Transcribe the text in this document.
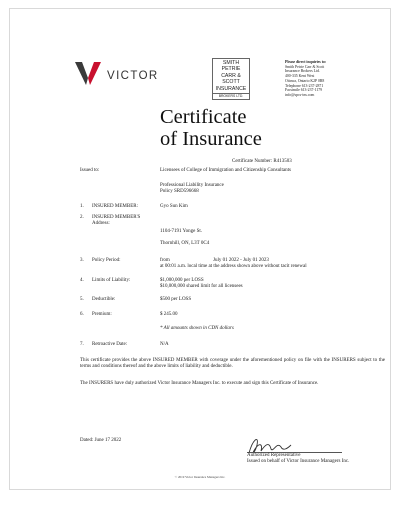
VICTOR
SMITH
PETRIE
CARR &
SCOTT
INSURANCE
BROKERS LTD.
Please direct inquiries to:
Smith Petrie Carr & Scott
Insurance Brokers Ltd.
400-335 Kent West
Ottawa, Ontario K2P 0R8
Telephone 613-237-2871
Facsimile 613-237-1179
info@spcs-ins.com
Certificate
of Insurance
Certificate Number: R413503
Issued to:	Licensees of College of Immigration and Citizenship Consultants
Professional Liability Insurance
Policy SRD596668
1.	INSURED MEMBER:	Gyo Sun Kim
2.	INSURED MEMBER'S
Address:
1104-7191 Yonge St.
Thornhill, ON, L3T 0C4
3.	Policy Period:	from	July 01 2022 - July 01 2023
at 00:01 a.m. local time at the address shown above without tacit renewal
4.	Limits of Liability:	$1,000,000 per LOSS
$10,000,000 shared limit for all licensees
5.	Deductible:	$500 per LOSS
6.	Premium:	$ 245.00
* All amounts shown in CDN dollars
7.	Retroactive Date:	N/A
This certificate provides the above INSURED MEMBER with coverage under the aforementioned policy on file with the INSURERS subject to the terms and conditions thereof and the above limits of liability and deductible.
The INSURERS have duly authorized Victor Insurance Managers Inc. to execute and sign this Certificate of Insurance.
Dated: June 17 2022
Authorized Representative
Issued on behalf of Victor Insurance Managers Inc.
© 2019 Victor Insurance Managers Inc.
